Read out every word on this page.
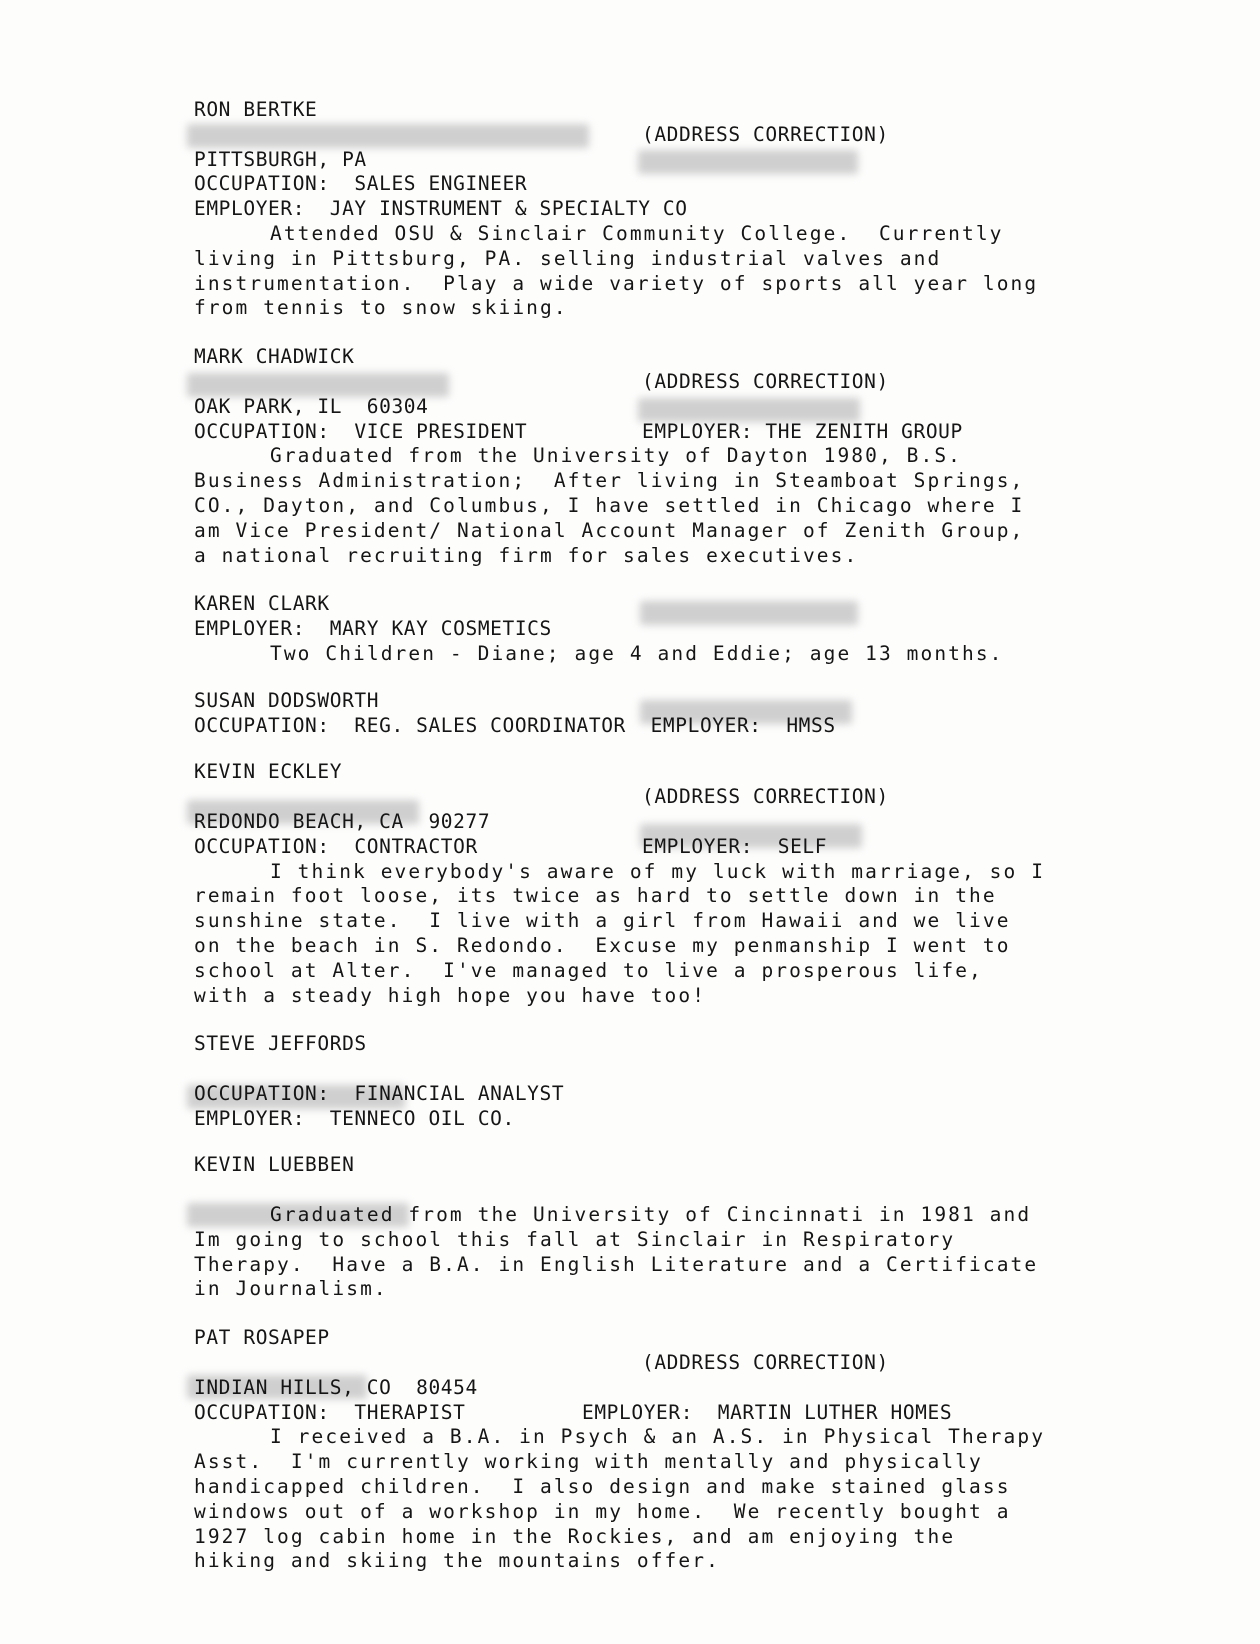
RON BERTKE
(ADDRESS CORRECTION)
PITTSBURGH, PA
OCCUPATION:  SALES ENGINEER
EMPLOYER:  JAY INSTRUMENT & SPECIALTY CO
Attended OSU & Sinclair Community College.  Currently
living in Pittsburg, PA. selling industrial valves and
instrumentation.  Play a wide variety of sports all year long
from tennis to snow skiing.
MARK CHADWICK
(ADDRESS CORRECTION)
OAK PARK, IL  60304
OCCUPATION:  VICE PRESIDENT	EMPLOYER: THE ZENITH GROUP
Graduated from the University of Dayton 1980, B.S.
Business Administration;  After living in Steamboat Springs,
CO., Dayton, and Columbus, I have settled in Chicago where I
am Vice President/ National Account Manager of Zenith Group,
a national recruiting firm for sales executives.
KAREN CLARK
EMPLOYER:  MARY KAY COSMETICS
Two Children - Diane; age 4 and Eddie; age 13 months.
SUSAN DODSWORTH
OCCUPATION:  REG. SALES COORDINATOR  EMPLOYER:  HMSS
KEVIN ECKLEY
(ADDRESS CORRECTION)
REDONDO BEACH, CA  90277
OCCUPATION:  CONTRACTOR	EMPLOYER:  SELF
I think everybody's aware of my luck with marriage, so I
remain foot loose, its twice as hard to settle down in the
sunshine state.  I live with a girl from Hawaii and we live
on the beach in S. Redondo.  Excuse my penmanship I went to
school at Alter.  I've managed to live a prosperous life,
with a steady high hope you have too!
STEVE JEFFORDS
OCCUPATION:  FINANCIAL ANALYST
EMPLOYER:  TENNECO OIL CO.
KEVIN LUEBBEN
Graduated from the University of Cincinnati in 1981 and
Im going to school this fall at Sinclair in Respiratory
Therapy.  Have a B.A. in English Literature and a Certificate
in Journalism.
PAT ROSAPEP
(ADDRESS CORRECTION)
INDIAN HILLS, CO  80454
OCCUPATION:  THERAPIST	EMPLOYER:  MARTIN LUTHER HOMES
I received a B.A. in Psych & an A.S. in Physical Therapy
Asst.  I'm currently working with mentally and physically
handicapped children.  I also design and make stained glass
windows out of a workshop in my home.  We recently bought a
1927 log cabin home in the Rockies, and am enjoying the
hiking and skiing the mountains offer.
